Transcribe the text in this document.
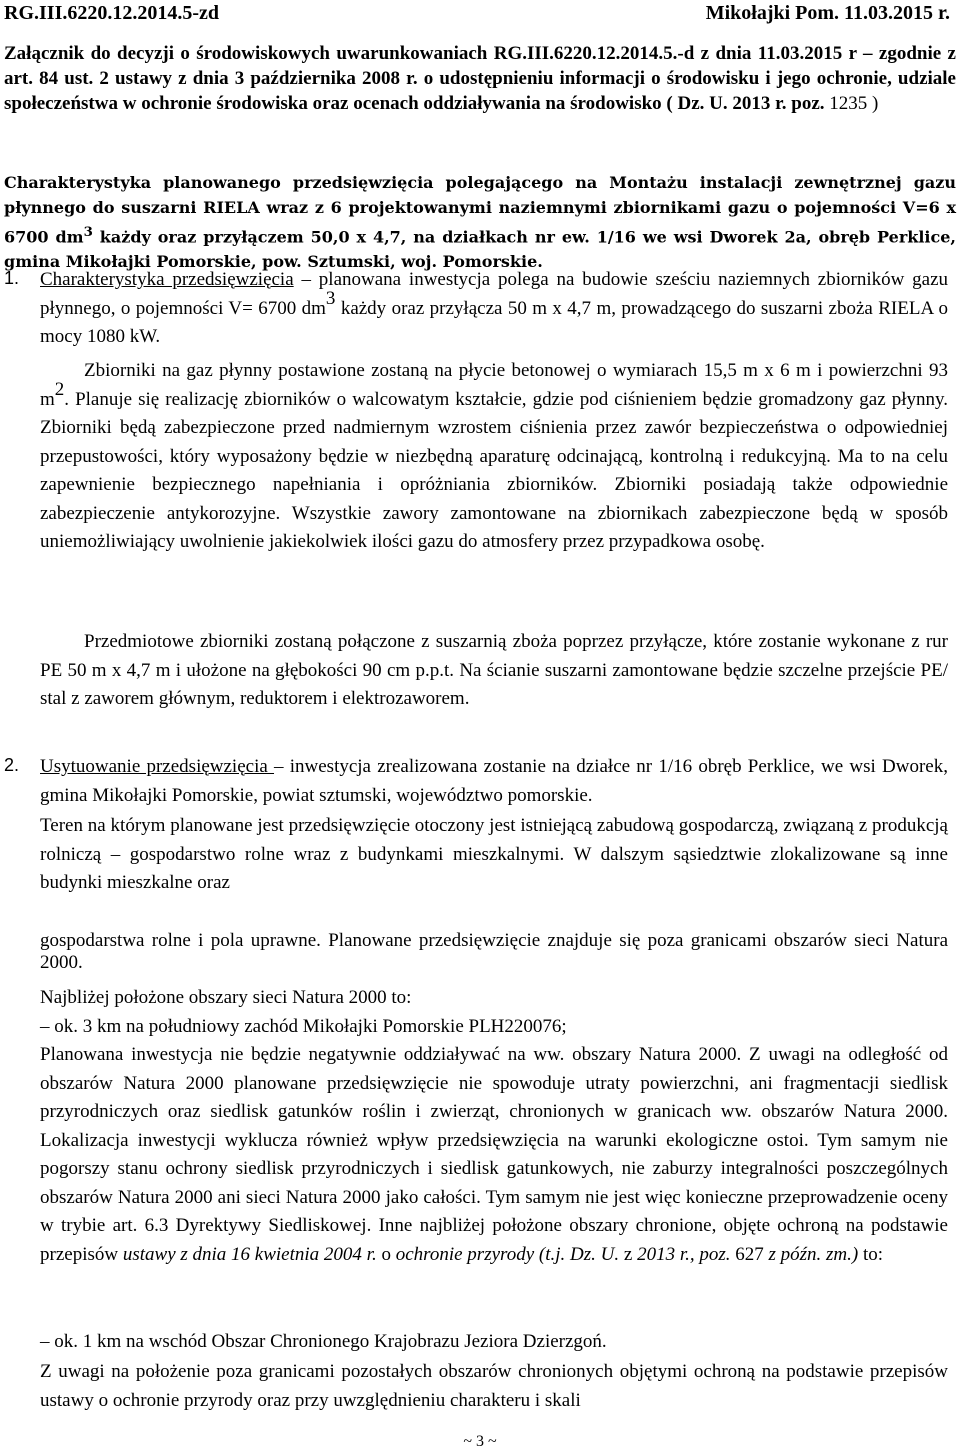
RG.III.6220.12.2014.5-zd	Mikołajki Pom. 11.03.2015 r.
Załącznik do decyzji o środowiskowych uwarunkowaniach RG.III.6220.12.2014.5.-d z dnia 11.03.2015 r – zgodnie z art. 84 ust. 2 ustawy z dnia 3 października 2008 r. o udostępnieniu informacji o środowisku i jego ochronie, udziale społeczeństwa w ochronie środowiska oraz ocenach oddziaływania na środowisko ( Dz. U. 2013 r. poz. 1235 )
Charakterystyka planowanego przedsięwzięcia polegającego na Montażu instalacji zewnętrznej gazu płynnego do suszarni RIELA wraz z 6 projektowanymi naziemnymi zbiornikami gazu o pojemności V=6 x 6700 $dm^3$ każdy oraz przyłączem 50,0 x 4,7, na działkach nr ew. 1/16 we wsi Dworek 2a, obręb Perklice, gmina Mikołajki Pomorskie, pow. Sztumski, woj. Pomorskie.
1. Charakterystyka przedsięwzięcia – planowana inwestycja polega na budowie sześciu naziemnych zbiorników gazu płynnego, o pojemności V= 6700 dm3 każdy oraz przyłącza 50 m x 4,7 m, prowadzącego do suszarni zboża RIELA o mocy 1080 kW.
Zbiorniki na gaz płynny postawione zostaną na płycie betonowej o wymiarach 15,5 m x 6 m i powierzchni 93 m2. Planuje się realizację zbiorników o walcowatym kształcie, gdzie pod ciśnieniem będzie gromadzony gaz płynny. Zbiorniki będą zabezpieczone przed nadmiernym wzrostem ciśnienia przez zawór bezpieczeństwa o odpowiedniej przepustowości, który wyposażony będzie w niezbędną aparaturę odcinającą, kontrolną i redukcyjną. Ma to na celu zapewnienie bezpiecznego napełniania i opróżniania zbiorników. Zbiorniki posiadają także odpowiednie zabezpieczenie antykorozyjne. Wszystkie zawory zamontowane na zbiornikach zabezpieczone będą w sposób uniemożliwiający uwolnienie jakiekolwiek ilości gazu do atmosfery przez przypadkowa osobę.
Przedmiotowe zbiorniki zostaną połączone z suszarnią zboża poprzez przyłącze, które zostanie wykonane z rur PE 50 m x 4,7 m i ułożone na głębokości 90 cm p.p.t. Na ścianie suszarni zamontowane będzie szczelne przejście PE/ stal z zaworem głównym, reduktorem i elektrozaworem.
2. Usytuowanie przedsięwzięcia – inwestycja zrealizowana zostanie na działce nr 1/16 obręb Perklice, we wsi Dworek, gmina Mikołajki Pomorskie, powiat sztumski, województwo pomorskie.
Teren na którym planowane jest przedsięwzięcie otoczony jest istniejącą zabudową gospodarczą, związaną z produkcją rolniczą – gospodarstwo rolne wraz z budynkami mieszkalnymi. W dalszym sąsiedztwie zlokalizowane są inne budynki mieszkalne oraz
gospodarstwa rolne i pola uprawne. Planowane przedsięwzięcie znajduje się poza granicami obszarów sieci Natura 2000.
Najbliżej położone obszary sieci Natura 2000 to:
– ok. 3 km na południowy zachód Mikołajki Pomorskie PLH220076;
Planowana inwestycja nie będzie negatywnie oddziaływać na ww. obszary Natura 2000. Z uwagi na odległość od obszarów Natura 2000 planowane przedsięwzięcie nie spowoduje utraty powierzchni, ani fragmentacji siedlisk przyrodniczych oraz siedlisk gatunków roślin i zwierząt, chronionych w granicach ww. obszarów Natura 2000. Lokalizacja inwestycji wyklucza również wpływ przedsięwzięcia na warunki ekologiczne ostoi. Tym samym nie pogorszy stanu ochrony siedlisk przyrodniczych i siedlisk gatunkowych, nie zaburzy integralności poszczególnych obszarów Natura 2000 ani sieci Natura 2000 jako całości. Tym samym nie jest więc konieczne przeprowadzenie oceny w trybie art. 6.3 Dyrektywy Siedliskowej. Inne najbliżej położone obszary chronione, objęte ochroną na podstawie przepisów ustawy z dnia 16 kwietnia 2004 r. o ochronie przyrody (t.j. Dz. U. z 2013 r., poz. 627 z późn. zm.) to:
– ok. 1 km na wschód Obszar Chronionego Krajobrazu Jeziora Dzierzgoń.
Z uwagi na położenie poza granicami pozostałych obszarów chronionych objętymi ochroną na podstawie przepisów ustawy o ochronie przyrody oraz przy uwzględnieniu charakteru i skali
~ 3 ~
